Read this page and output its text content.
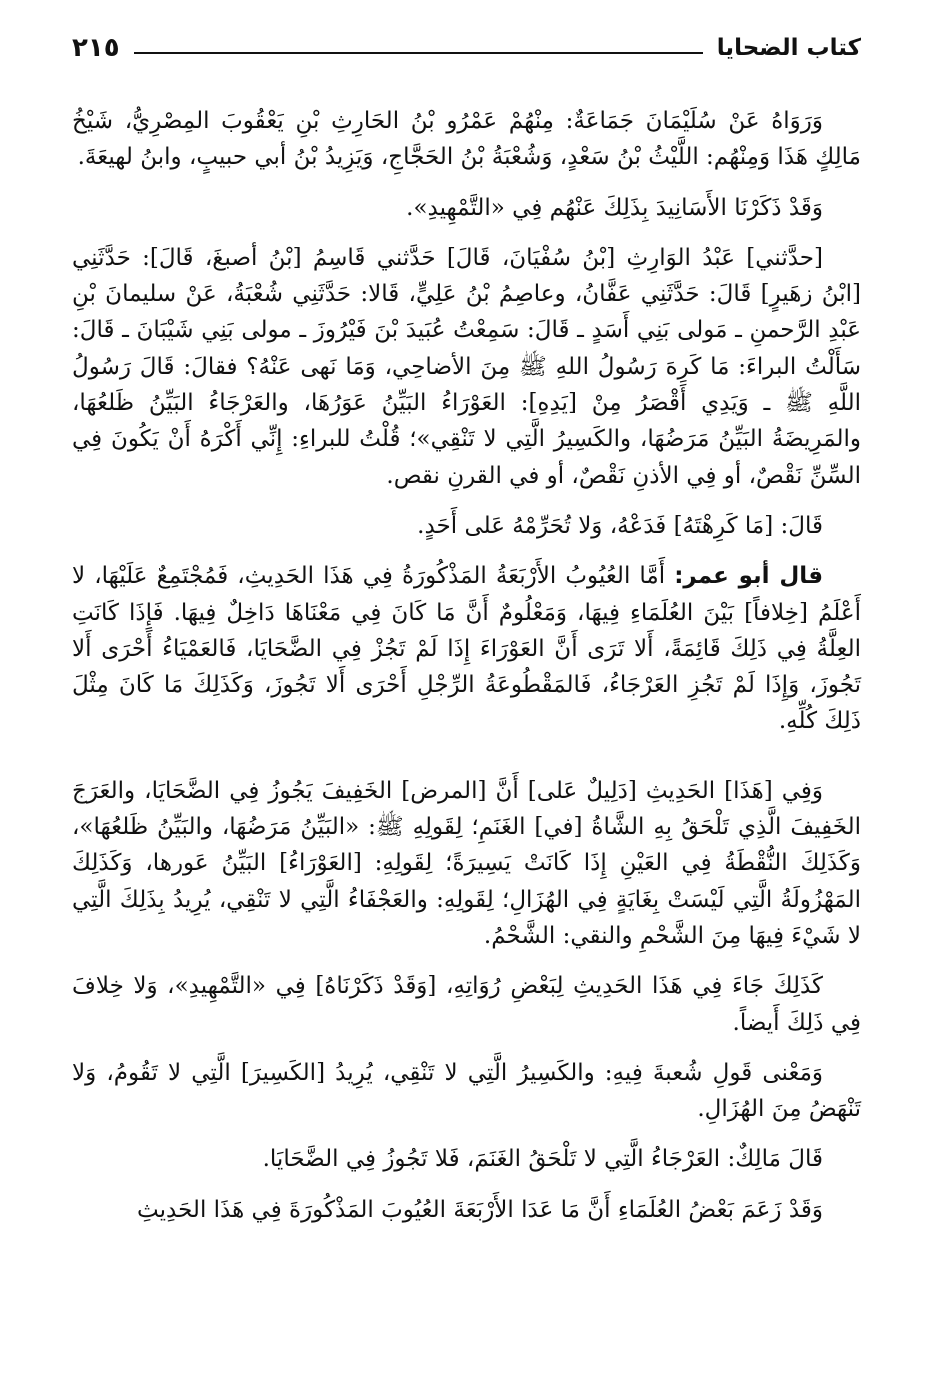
كتاب الضحايا
٢١٥

وَرَوَاهُ عَنْ سُلَيْمَانَ جَمَاعَةٌ: مِنْهُمْ عَمْرُو بْنُ الحَارِثِ بْنِ يَعْقُوبَ المِصْرِيُّ، شَيْخُ مَالِكٍ هَذَا وَمِنْهُم: اللَّيْثُ بْنُ سَعْدٍ، وَشُعْبَةُ بْنُ الحَجَّاجِ، وَيَزِيدُ بْنُ أبي حبيبٍ، وابنُ لهيعَةَ.

وَقَدْ ذَكَرْنَا الأَسَانِيدَ بِذَلِكَ عَنْهُم فِي «التَّمْهِيدِ».

[حدَّثني] عَبْدُ الوَارِثِ [بْنُ سُفْيَانَ، قَالَ] حَدَّثني قَاسِمُ [بْنُ أصبغَ، قَالَ]: حَدَّثَنِي [ابْنُ زهَيرٍ] قَالَ: حَدَّثَنِي عَفَّانُ، وعاصِمُ بْنُ عَلِيٍّ، قَالا: حَدَّثَنِي شُعْبَةُ، عَنْ سليمانَ بْنِ عَبْدِ الرَّحمنِ ـ مَولى بَنِي أَسَدٍ ـ قَالَ: سَمِعْتُ عُبَيدَ بْنَ فَيْرُوزَ ـ مولى بَنِي شَيْبَانَ ـ قَالَ: سَأَلْتُ البراءَ: مَا كَرِهَ رَسُولُ اللهِ ﷺ مِنَ الأضاحِي، وَمَا نَهى عَنْهُ؟ فقالَ: قَالَ رَسُولُ اللَّهِ ﷺ ـ وَيَدِي أَقْصَرُ مِنْ [يَدِهِ]: العَوْرَاءُ البَيِّنُ عَوَرُهَا، والعَرْجَاءُ البَيِّنُ ظَلعُهَا، والمَرِيضَةُ البَيِّنُ مَرَضُهَا، والكَسِيرُ الَّتِي لا تَنْقِي»؛ قُلْتُ للبراءِ: إِنِّي أَكْرَهُ أَنْ يَكُونَ فِي السِّنِّ نَقْصٌ، أو فِي الأذنِ نَقْصٌ، أو في القرنِ نقص.

قَالَ: [مَا كَرِهْتَهُ] فَدَعْهُ، وَلا تُحَرِّمْهُ عَلى أَحَدٍ.

قال أبو عمر: أَمَّا العُيُوبُ الأَرْبَعَةُ المَذْكُورَةُ فِي هَذَا الحَدِيثِ، فَمُجْتَمِعٌ عَلَيْهَا، لا أَعْلَمُ [خِلافاً] بَيْنَ العُلَمَاءِ فِيهَا، وَمَعْلُومٌ أَنَّ مَا كَانَ فِي مَعْنَاهَا دَاخِلٌ فِيهَا. فَإِذَا كَانَتِ العِلَّةُ فِي ذَلِكَ قَائِمَةً، أَلا تَرَى أَنَّ العَوْرَاءَ إِذَا لَمْ تَجُزْ فِي الضَّحَايَا، فَالعَمْيَاءُ أَحْرَى أَلا تَجُوزَ، وَإِذَا لَمْ تَجُزِ العَرْجَاءُ، فَالمَقْطُوعَةُ الرِّجْلِ أَحْرَى أَلا تَجُوزَ، وَكَذَلِكَ مَا كَانَ مِثْلَ ذَلِكَ كُلِّهِ.

وَفِي [هَذَا] الحَدِيثِ [دَلِيلٌ عَلى] أَنَّ [المرض] الخَفِيفَ يَجُوزُ فِي الضَّحَايَا، والعَرَجَ الخَفِيفَ الَّذِي تَلْحَقُ بِهِ الشَّاةُ [في] الغَنَمِ؛ لِقَولِهِ ﷺ: «البَيِّنُ مَرَضُهَا، والبَيِّنُ ظَلعُهَا»، وَكَذَلِكَ النُّقْطَةُ فِي العَيْنِ إِذَا كَانَتْ يَسِيرَةً؛ لِقَولِهِ: [العَوْرَاءُ] البَيِّنُ عَورها، وَكَذَلِكَ المَهْزُولَةُ الَّتِي لَيْسَتْ بِغَايَةٍ فِي الهُزَالِ؛ لِقَولِهِ: والعَجْفَاءُ الَّتِي لا تَنْقِي، يُرِيدُ بِذَلِكَ الَّتِي لا شَيْءَ فِيهَا مِنَ الشَّحْمِ والنقي: الشَّحْمُ.

كَذَلِكَ جَاءَ فِي هَذَا الحَدِيثِ لِبَعْضِ رُوَاتِهِ، [وَقَدْ ذَكَرْنَاهُ] فِي «التَّمْهِيدِ»، وَلا خِلافَ فِي ذَلِكَ أَيضاً.

وَمَعْنى قَولِ شُعبةَ فِيهِ: والكَسِيرُ الَّتِي لا تَنْقِي، يُرِيدُ [الكَسِيرَ] الَّتِي لا تَقُومُ، وَلا تَنْهَضُ مِنَ الهُزَالِ.

قَالَ مَالِكٌ: العَرْجَاءُ الَّتِي لا تَلْحَقُ الغَنَمَ، فَلا تَجُوزُ فِي الضَّحَايَا.

وَقَدْ زَعَمَ بَعْضُ العُلَمَاءِ أَنَّ مَا عَدَا الأَرْبَعَةَ العُيُوبَ المَذْكُورَةَ فِي هَذَا الحَدِيثِ
